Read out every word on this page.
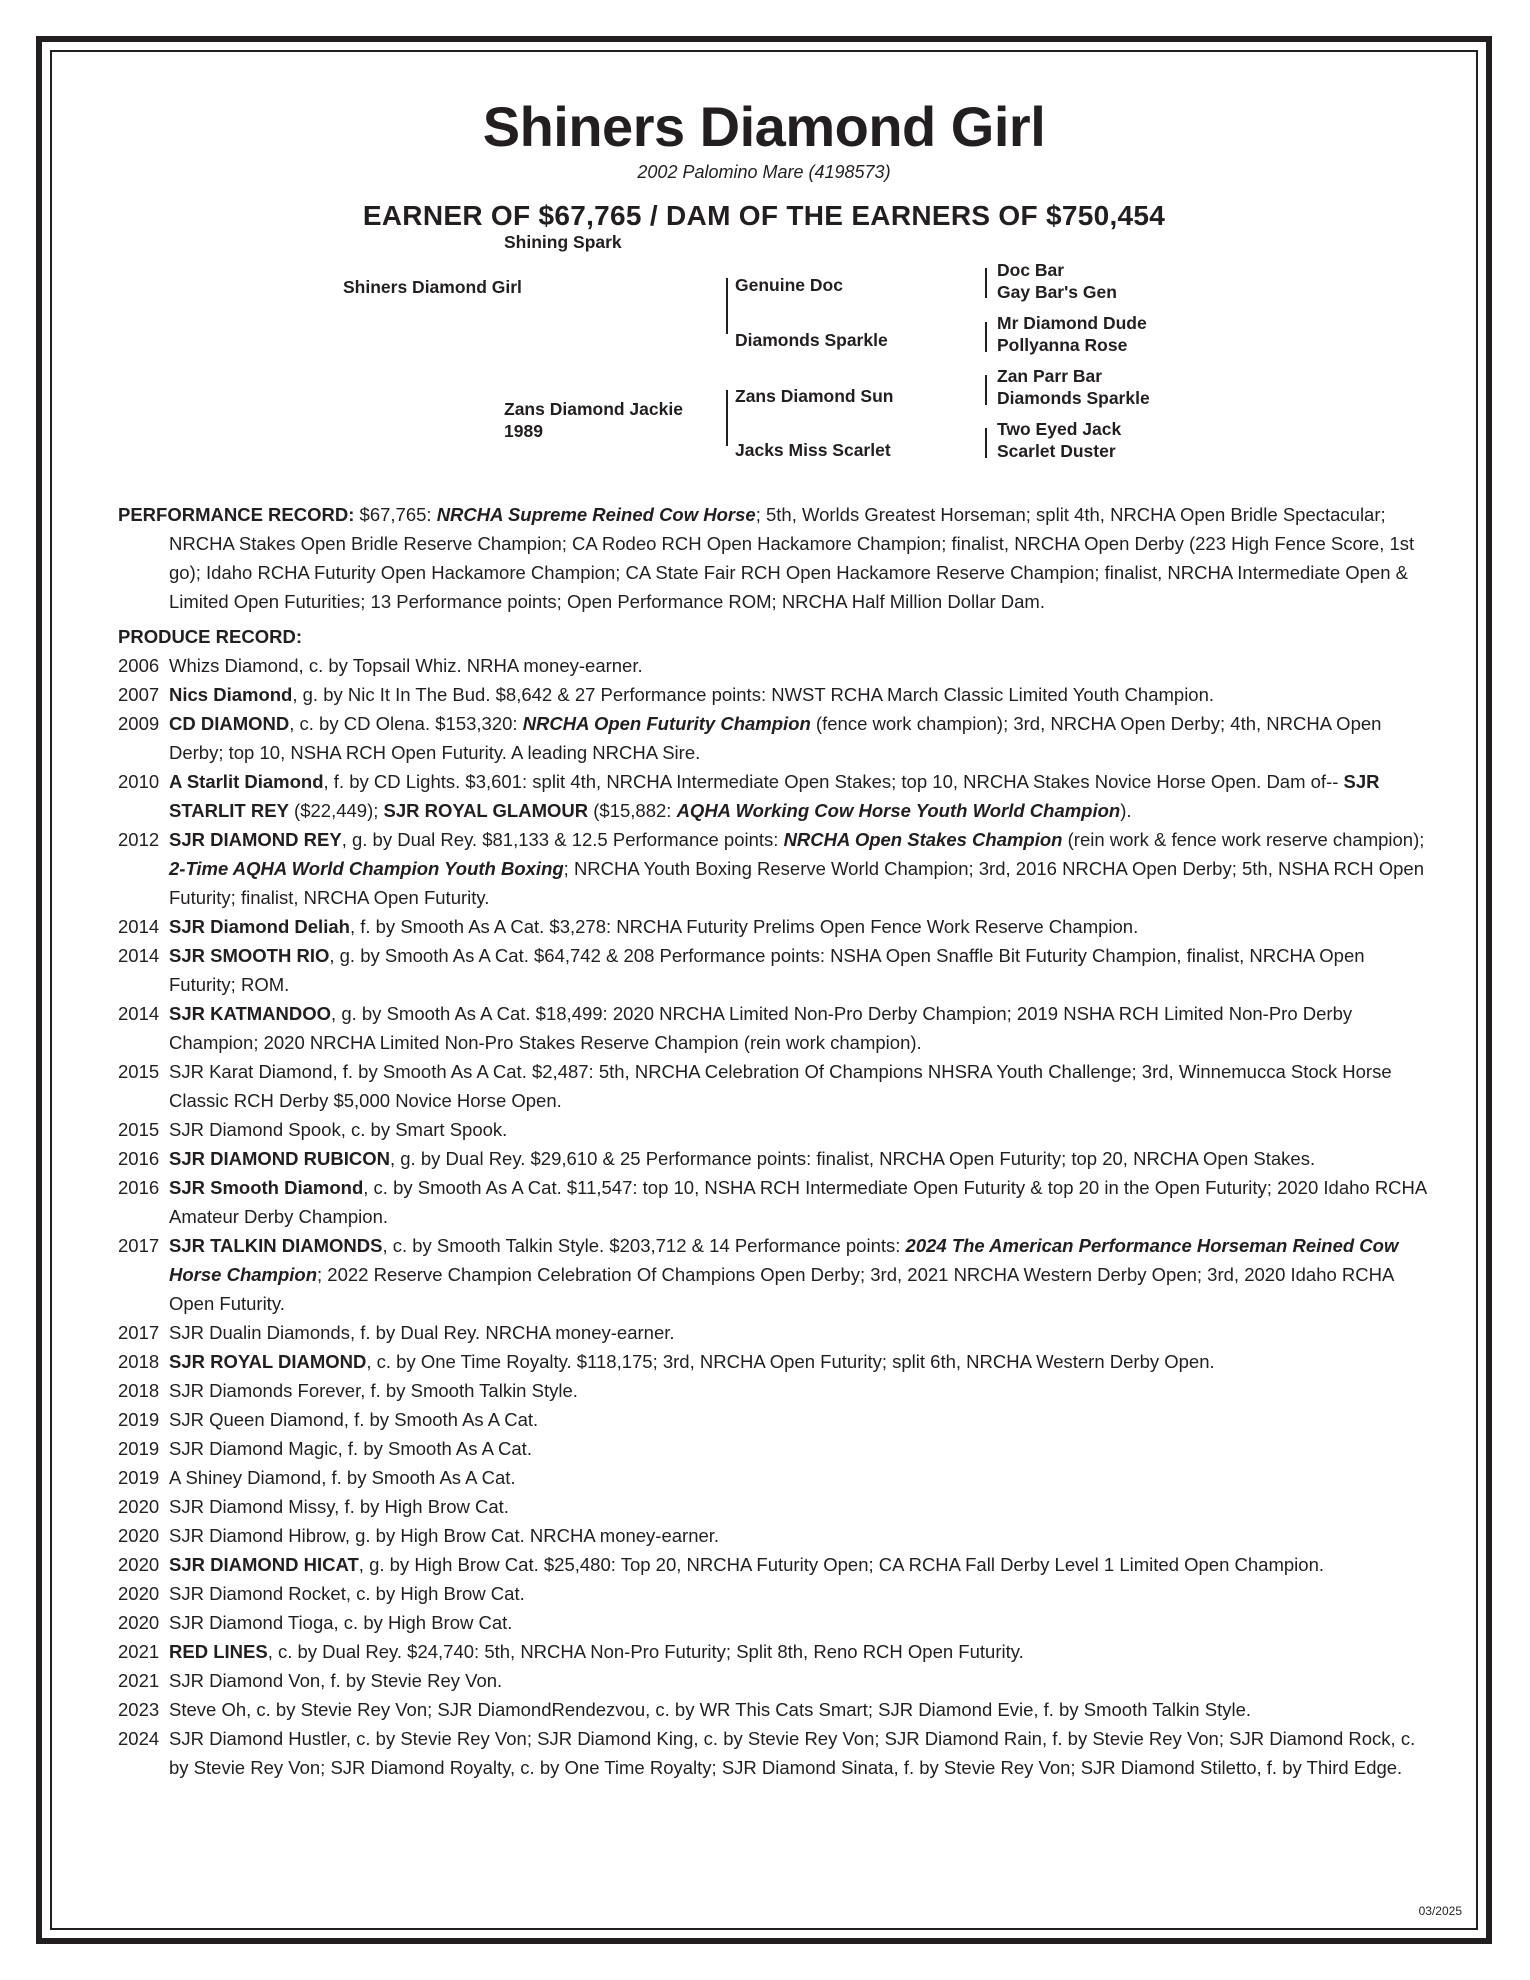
Shiners Diamond Girl
2002 Palomino Mare (4198573)
EARNER OF $67,765 / DAM OF THE EARNERS OF $750,454
Shiners Diamond Girl
Shining Spark
Zans Diamond Jackie
1989
Genuine Doc
Diamonds Sparkle
Zans Diamond Sun
Jacks Miss Scarlet
Doc Bar
Gay Bar's Gen
Mr Diamond Dude
Pollyanna Rose
Zan Parr Bar
Diamonds Sparkle
Two Eyed Jack
Scarlet Duster

PERFORMANCE RECORD: $67,765: NRCHA Supreme Reined Cow Horse; 5th, Worlds Greatest Horseman; split 4th, NRCHA Open Bridle Spectacular; NRCHA Stakes Open Bridle Reserve Champion; CA Rodeo RCH Open Hackamore Champion; finalist, NRCHA Open Derby (223 High Fence Score, 1st go); Idaho RCHA Futurity Open Hackamore Champion; CA State Fair RCH Open Hackamore Reserve Champion; finalist, NRCHA Intermediate Open & Limited Open Futurities; 13 Performance points; Open Performance ROM; NRCHA Half Million Dollar Dam.

PRODUCE RECORD:

2006 Whizs Diamond, c. by Topsail Whiz. NRHA money-earner.

2007 Nics Diamond, g. by Nic It In The Bud. $8,642 & 27 Performance points: NWST RCHA March Classic Limited Youth Champion.

2009 CD DIAMOND, c. by CD Olena. $153,320: NRCHA Open Futurity Champion (fence work champion); 3rd, NRCHA Open Derby; 4th, NRCHA Open Derby; top 10, NSHA RCH Open Futurity. A leading NRCHA Sire.

2010 A Starlit Diamond, f. by CD Lights. $3,601: split 4th, NRCHA Intermediate Open Stakes; top 10, NRCHA Stakes Novice Horse Open. Dam of-- SJR STARLIT REY ($22,449); SJR ROYAL GLAMOUR ($15,882: AQHA Working Cow Horse Youth World Champion).

2012 SJR DIAMOND REY, g. by Dual Rey. $81,133 & 12.5 Performance points: NRCHA Open Stakes Champion (rein work & fence work reserve champion); 2-Time AQHA World Champion Youth Boxing; NRCHA Youth Boxing Reserve World Champion; 3rd, 2016 NRCHA Open Derby; 5th, NSHA RCH Open Futurity; finalist, NRCHA Open Futurity.

2014 SJR Diamond Deliah, f. by Smooth As A Cat. $3,278: NRCHA Futurity Prelims Open Fence Work Reserve Champion.

2014 SJR SMOOTH RIO, g. by Smooth As A Cat. $64,742 & 208 Performance points: NSHA Open Snaffle Bit Futurity Champion, finalist, NRCHA Open Futurity; ROM.

2014 SJR KATMANDOO, g. by Smooth As A Cat. $18,499: 2020 NRCHA Limited Non-Pro Derby Champion; 2019 NSHA RCH Limited Non-Pro Derby Champion; 2020 NRCHA Limited Non-Pro Stakes Reserve Champion (rein work champion).

2015 SJR Karat Diamond, f. by Smooth As A Cat. $2,487: 5th, NRCHA Celebration Of Champions NHSRA Youth Challenge; 3rd, Winnemucca Stock Horse Classic RCH Derby $5,000 Novice Horse Open.

2015 SJR Diamond Spook, c. by Smart Spook.

2016 SJR DIAMOND RUBICON, g. by Dual Rey. $29,610 & 25 Performance points: finalist, NRCHA Open Futurity; top 20, NRCHA Open Stakes.

2016 SJR Smooth Diamond, c. by Smooth As A Cat. $11,547: top 10, NSHA RCH Intermediate Open Futurity & top 20 in the Open Futurity; 2020 Idaho RCHA Amateur Derby Champion.

2017 SJR TALKIN DIAMONDS, c. by Smooth Talkin Style. $203,712 & 14 Performance points: 2024 The American Performance Horseman Reined Cow Horse Champion; 2022 Reserve Champion Celebration Of Champions Open Derby; 3rd, 2021 NRCHA Western Derby Open; 3rd, 2020 Idaho RCHA Open Futurity.

2017 SJR Dualin Diamonds, f. by Dual Rey. NRCHA money-earner.

2018 SJR ROYAL DIAMOND, c. by One Time Royalty. $118,175; 3rd, NRCHA Open Futurity; split 6th, NRCHA Western Derby Open.

2018 SJR Diamonds Forever, f. by Smooth Talkin Style.

2019 SJR Queen Diamond, f. by Smooth As A Cat.

2019 SJR Diamond Magic, f. by Smooth As A Cat.

2019 A Shiney Diamond, f. by Smooth As A Cat.

2020 SJR Diamond Missy, f. by High Brow Cat.

2020 SJR Diamond Hibrow, g. by High Brow Cat. NRCHA money-earner.

2020 SJR DIAMOND HICAT, g. by High Brow Cat. $25,480: Top 20, NRCHA Futurity Open; CA RCHA Fall Derby Level 1 Limited Open Champion.

2020 SJR Diamond Rocket, c. by High Brow Cat.

2020 SJR Diamond Tioga, c. by High Brow Cat.

2021 RED LINES, c. by Dual Rey. $24,740: 5th, NRCHA Non-Pro Futurity; Split 8th, Reno RCH Open Futurity.

2021 SJR Diamond Von, f. by Stevie Rey Von.

2023 Steve Oh, c. by Stevie Rey Von; SJR DiamondRendezvou, c. by WR This Cats Smart; SJR Diamond Evie, f. by Smooth Talkin Style.

2024 SJR Diamond Hustler, c. by Stevie Rey Von; SJR Diamond King, c. by Stevie Rey Von; SJR Diamond Rain, f. by Stevie Rey Von; SJR Diamond Rock, c. by Stevie Rey Von; SJR Diamond Royalty, c. by One Time Royalty; SJR Diamond Sinata, f. by Stevie Rey Von; SJR Diamond Stiletto, f. by Third Edge.

03/2025
